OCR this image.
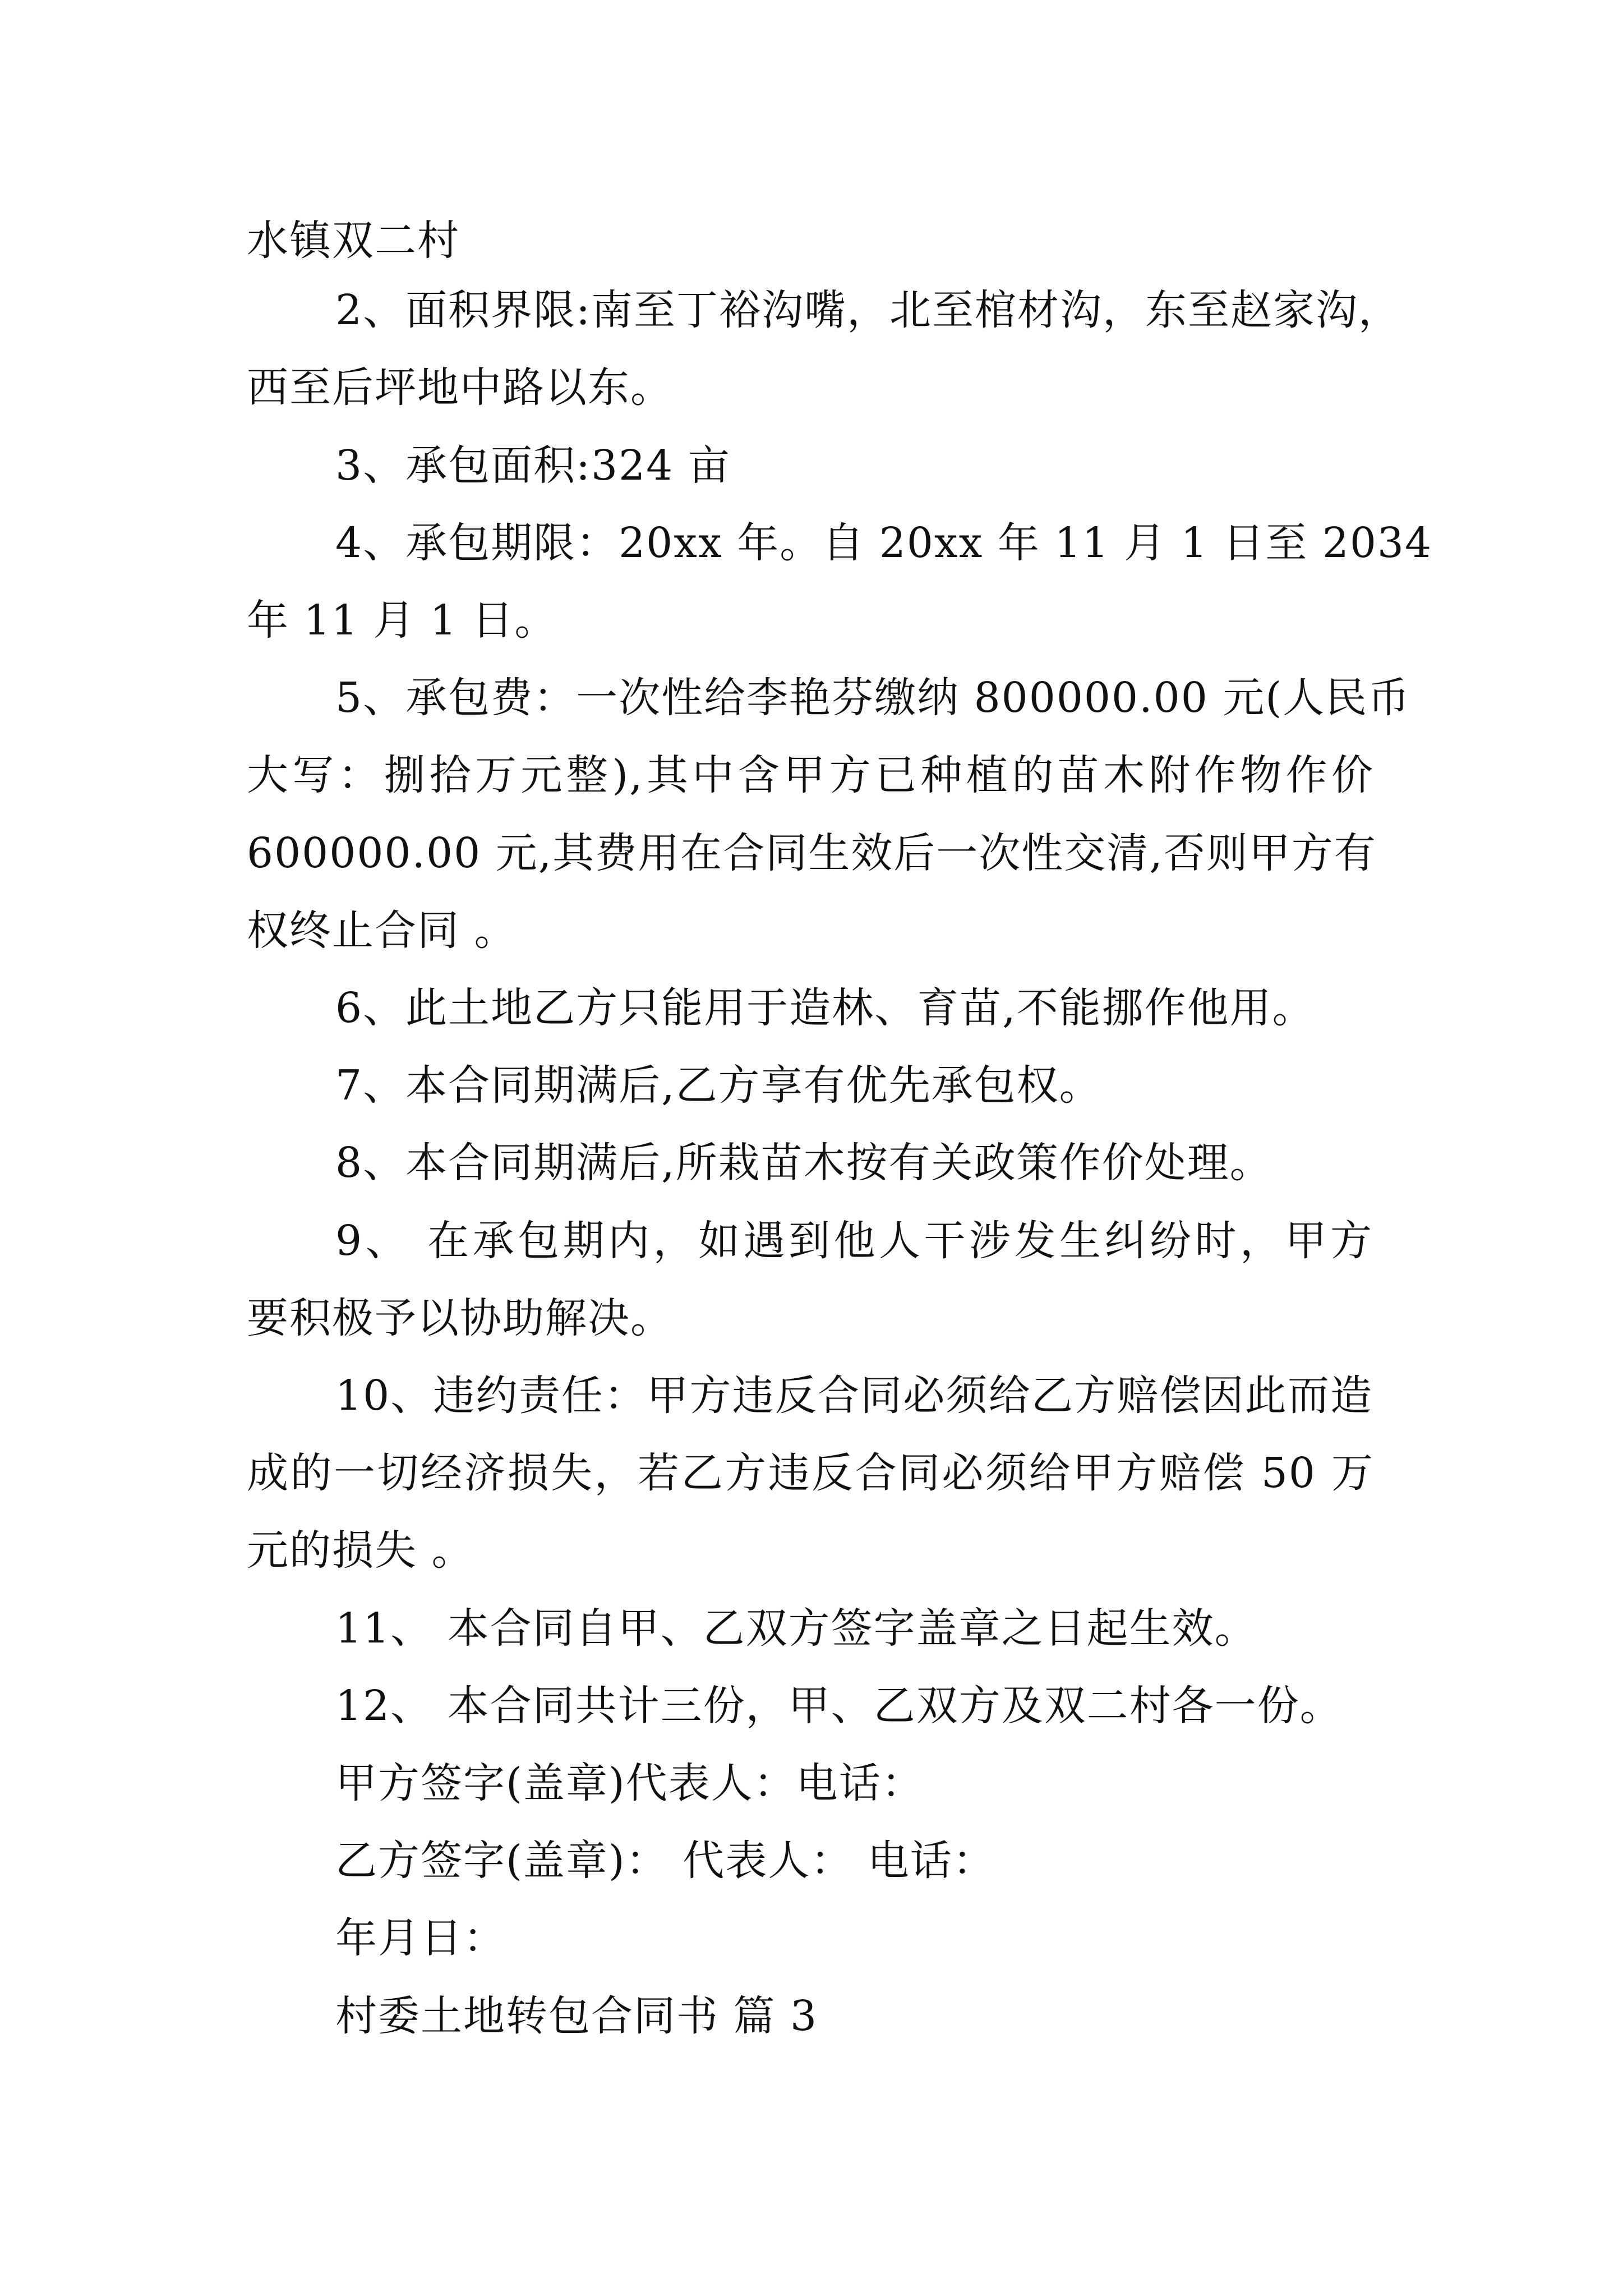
水镇双二村
2、面积界限:南至丁裕沟嘴，北至棺材沟，东至赵家沟，
西至后坪地中路以东。
3、承包面积:324 亩
4、承包期限：20xx 年。自 20xx 年 11 月 1 日至 2034
年 11 月 1 日。
5、承包费：一次性给李艳芬缴纳 800000.00 元(人民币
大写：捌拾万元整),其中含甲方已种植的苗木附作物作价
600000.00 元,其费用在合同生效后一次性交清,否则甲方有
权终止合同 。
6、此土地乙方只能用于造林、育苗,不能挪作他用。
7、本合同期满后,乙方享有优先承包权。
8、本合同期满后,所栽苗木按有关政策作价处理。
9、 在承包期内，如遇到他人干涉发生纠纷时，甲方
要积极予以协助解决。
10、违约责任：甲方违反合同必须给乙方赔偿因此而造
成的一切经济损失，若乙方违反合同必须给甲方赔偿 50 万
元的损失 。
11、 本合同自甲、乙双方签字盖章之日起生效。
12、 本合同共计三份，甲、乙双方及双二村各一份。
甲方签字(盖章)代表人：电话：
乙方签字(盖章)： 代表人： 电话：
年月日：
村委土地转包合同书 篇 3
